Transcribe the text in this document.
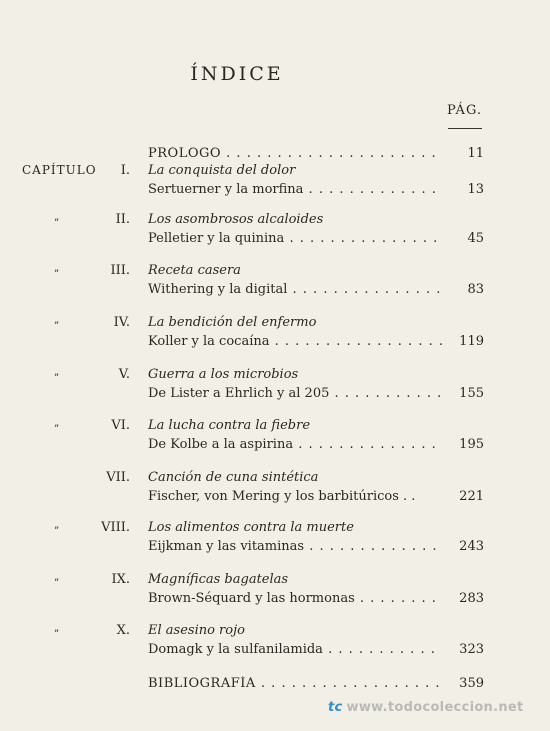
ÍNDICE
PÁG.
PRÓLOGO . . .	11
CAPÍTULO I. La conquista del dolor
Sertuerner y la morfina . . .	13
”	II. Los asombrosos alcaloides
Pelletier y la quinina . . .	45
”	III. Receta casera
Withering y la digital . . .	83
”	IV. La bendición del enfermo
Koller y la cocaína . . .	119
”	V. Guerra a los microbios
De Lister a Ehrlich y al 205 . . .	155
”	VI. La lucha contra la fiebre
De Kolbe a la aspirina . . .	195
VII. Canción de cuna sintética
Fischer, von Mering y los barbitúricos . .	221
”	VIII. Los alimentos contra la muerte
Eijkman y las vitaminas . . .	243
”	IX. Magníficas bagatelas
Brown-Séquard y las hormonas . . .	283
”	X. El asesino rojo
Domagk y la sulfanilamida . . .	323
BIBLIOGRAFÍA . . .	359
tc www.todocoleccion.net
